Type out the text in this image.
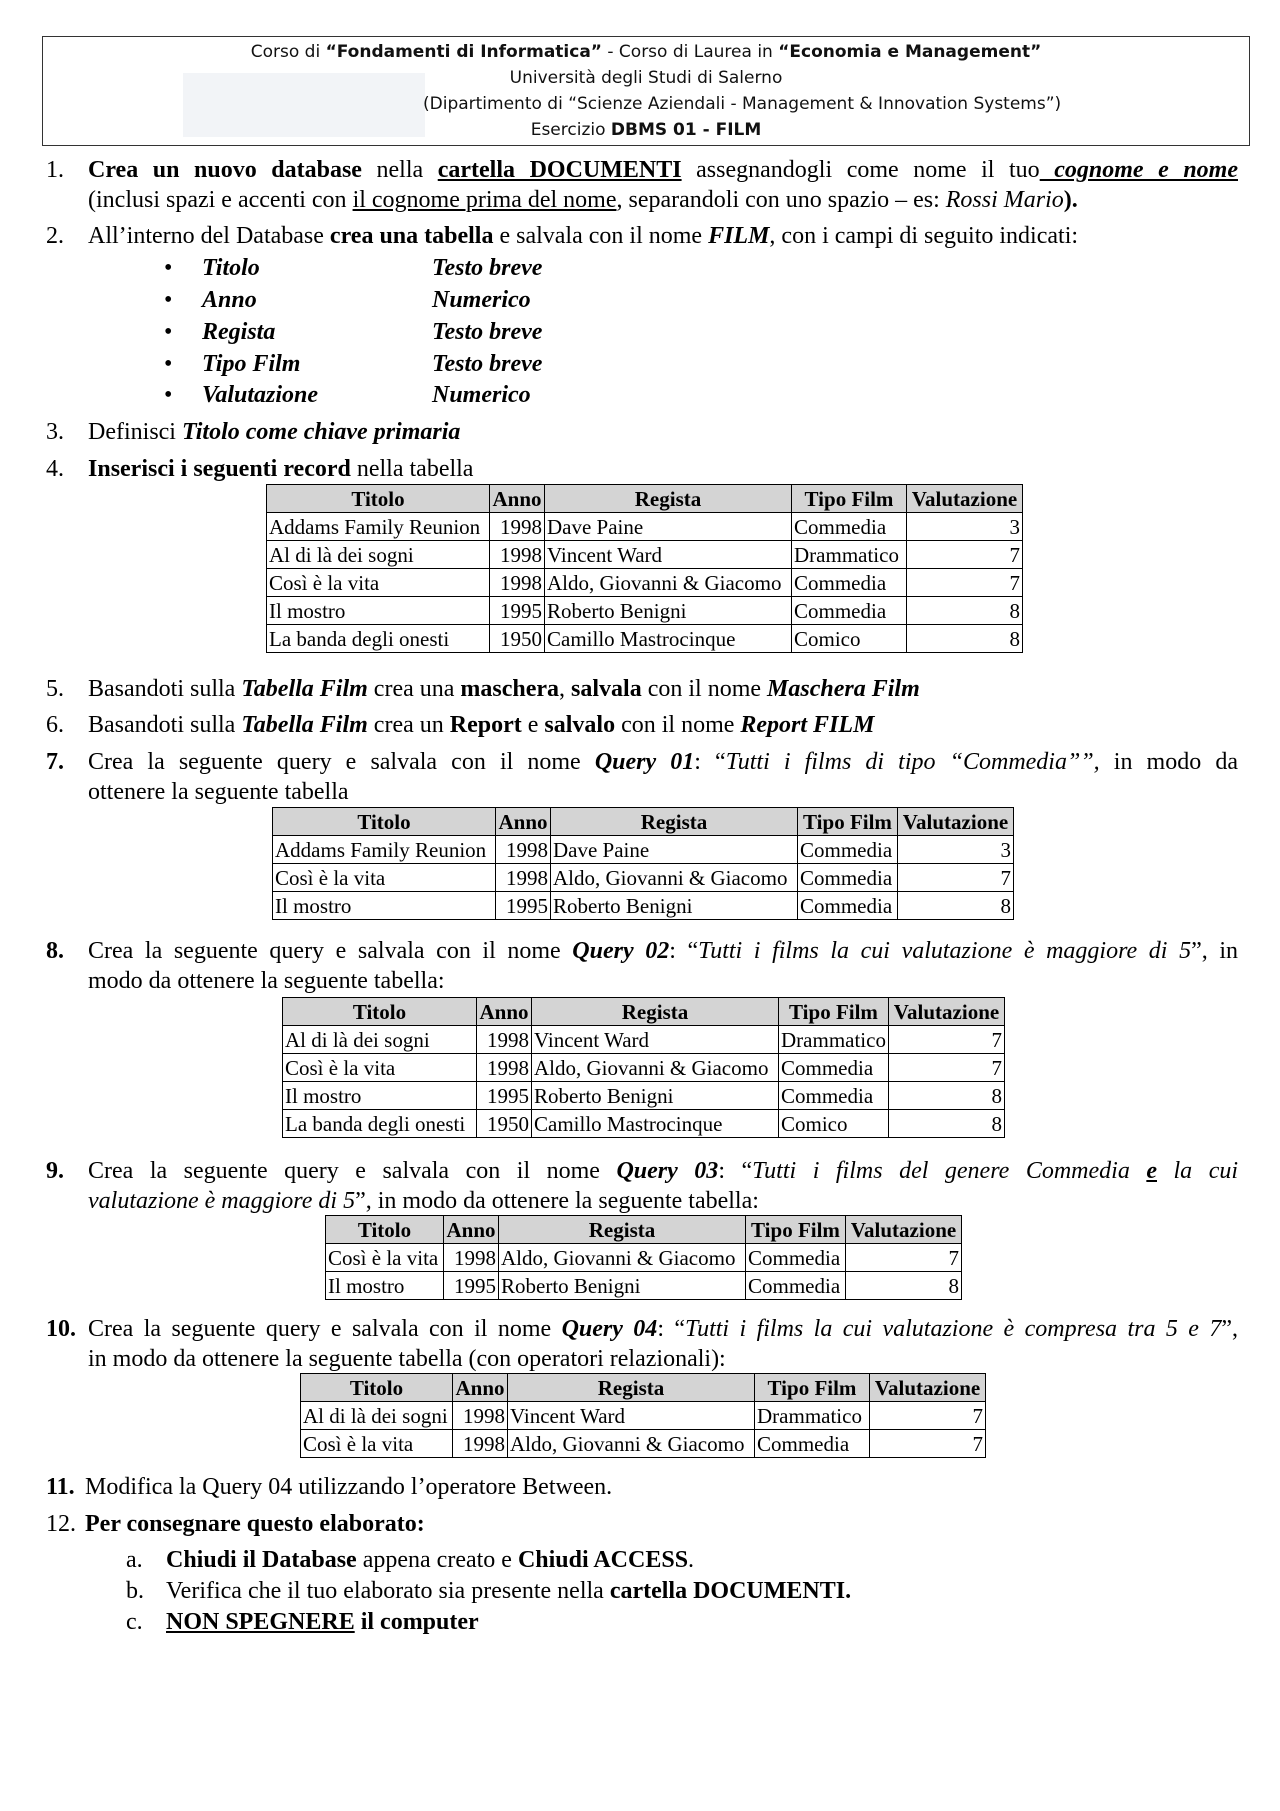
Corso di “Fondamenti di Informatica” - Corso di Laurea in “Economia e Management”
Università degli Studi di Salerno
(Dipartimento di “Scienze Aziendali - Management & Innovation Systems”)
Esercizio DBMS 01 - FILM
1. Crea un nuovo database nella cartella DOCUMENTI assegnandogli come nome il tuo cognome e nome
(inclusi spazi e accenti con il cognome prima del nome, separandoli con uno spazio – es: Rossi Mario).
2. All’interno del Database crea una tabella e salvala con il nome FILM, con i campi di seguito indicati:
• Titolo	Testo breve
• Anno	Numerico
• Regista	Testo breve
• Tipo Film	Testo breve
• Valutazione	Numerico
3. Definisci Titolo come chiave primaria
4. Inserisci i seguenti record nella tabella
Titolo	Anno	Regista	Tipo Film	Valutazione
Addams Family Reunion	1998	Dave Paine	Commedia	3
Al di là dei sogni	1998	Vincent Ward	Drammatico	7
Così è la vita	1998	Aldo, Giovanni & Giacomo	Commedia	7
Il mostro	1995	Roberto Benigni	Commedia	8
La banda degli onesti	1950	Camillo Mastrocinque	Comico	8
5. Basandoti sulla Tabella Film crea una maschera, salvala con il nome Maschera Film
6. Basandoti sulla Tabella Film crea un Report e salvalo con il nome Report FILM
7. Crea la seguente query e salvala con il nome Query 01: “Tutti i films di tipo “Commedia””, in modo da
ottenere la seguente tabella
Titolo	Anno	Regista	Tipo Film	Valutazione
Addams Family Reunion	1998	Dave Paine	Commedia	3
Così è la vita	1998	Aldo, Giovanni & Giacomo	Commedia	7
Il mostro	1995	Roberto Benigni	Commedia	8
8. Crea la seguente query e salvala con il nome Query 02: “Tutti i films la cui valutazione è maggiore di 5”, in
modo da ottenere la seguente tabella:
Titolo	Anno	Regista	Tipo Film	Valutazione
Al di là dei sogni	1998	Vincent Ward	Drammatico	7
Così è la vita	1998	Aldo, Giovanni & Giacomo	Commedia	7
Il mostro	1995	Roberto Benigni	Commedia	8
La banda degli onesti	1950	Camillo Mastrocinque	Comico	8
9. Crea la seguente query e salvala con il nome Query 03: “Tutti i films del genere Commedia e la cui
valutazione è maggiore di 5”, in modo da ottenere la seguente tabella:
Titolo	Anno	Regista	Tipo Film	Valutazione
Così è la vita	1998	Aldo, Giovanni & Giacomo	Commedia	7
Il mostro	1995	Roberto Benigni	Commedia	8
10. Crea la seguente query e salvala con il nome Query 04: “Tutti i films la cui valutazione è compresa tra 5 e 7”,
in modo da ottenere la seguente tabella (con operatori relazionali):
Titolo	Anno	Regista	Tipo Film	Valutazione
Al di là dei sogni	1998	Vincent Ward	Drammatico	7
Così è la vita	1998	Aldo, Giovanni & Giacomo	Commedia	7
11. Modifica la Query 04 utilizzando l’operatore Between.
12. Per consegnare questo elaborato:
a. Chiudi il Database appena creato e Chiudi ACCESS.
b. Verifica che il tuo elaborato sia presente nella cartella DOCUMENTI.
c. NON SPEGNERE il computer
